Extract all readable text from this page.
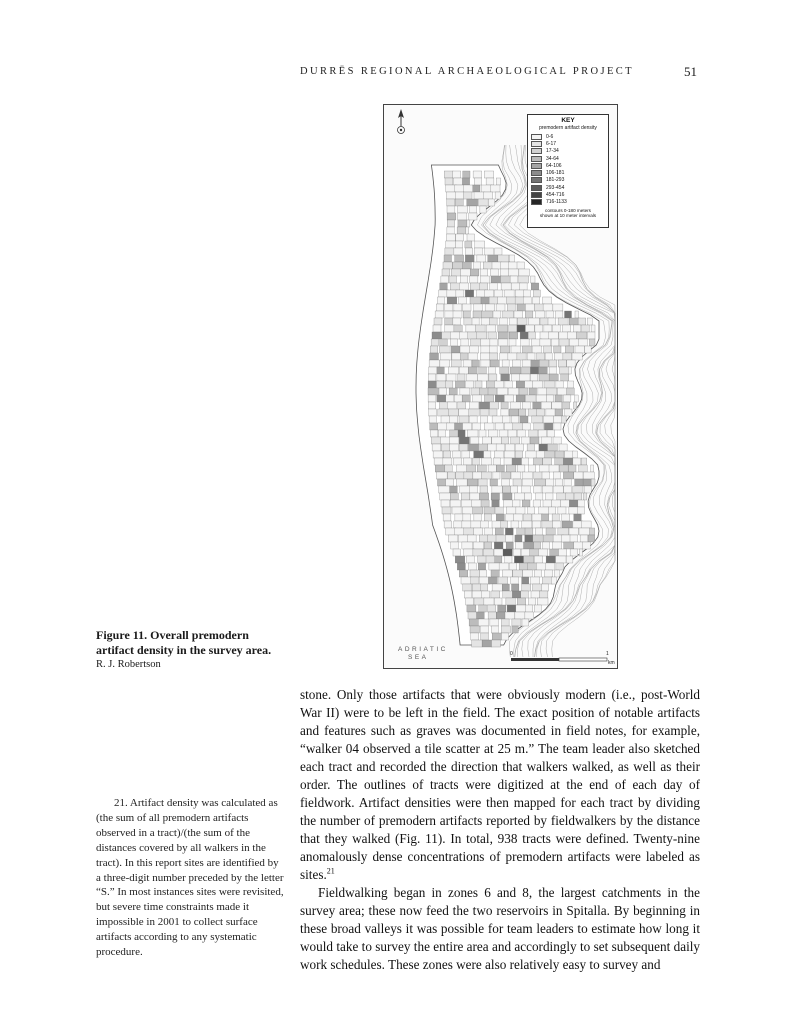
DURRËS REGIONAL ARCHAEOLOGICAL PROJECT	51
KEY
premodern artifact density
0-6
6-17
17-34
34-64
64-106
106-181
181-293
293-454
454-716
716-1133
contours 0-180 meters
shown at 10 meter intervals
ADRIATIC
SEA	0	1
km
Figure 11. Overall premodern artifact density in the survey area.
R. J. Robertson

21. Artifact density was calculated as (the sum of all premodern artifacts observed in a tract)/(the sum of the distances covered by all walkers in the tract). In this report sites are identified by a three-digit number preceded by the letter “S.” In most instances sites were revisited, but severe time constraints made it impossible in 2001 to collect surface artifacts according to any systematic procedure.

stone. Only those artifacts that were obviously modern (i.e., post-World War II) were to be left in the field. The exact position of notable artifacts and features such as graves was documented in field notes, for example, “walker 04 observed a tile scatter at 25 m.” The team leader also sketched each tract and recorded the direction that walkers walked, as well as their order. The outlines of tracts were digitized at the end of each day of fieldwork. Artifact densities were then mapped for each tract by dividing the number of premodern artifacts reported by fieldwalkers by the distance that they walked (Fig. 11). In total, 938 tracts were defined. Twenty-nine anomalously dense concentrations of premodern artifacts were labeled as sites.$^{21}$

Fieldwalking began in zones 6 and 8, the largest catchments in the survey area; these now feed the two reservoirs in Spitalla. By beginning in these broad valleys it was possible for team leaders to estimate how long it would take to survey the entire area and accordingly to set subsequent daily work schedules. These zones were also relatively easy to survey and
